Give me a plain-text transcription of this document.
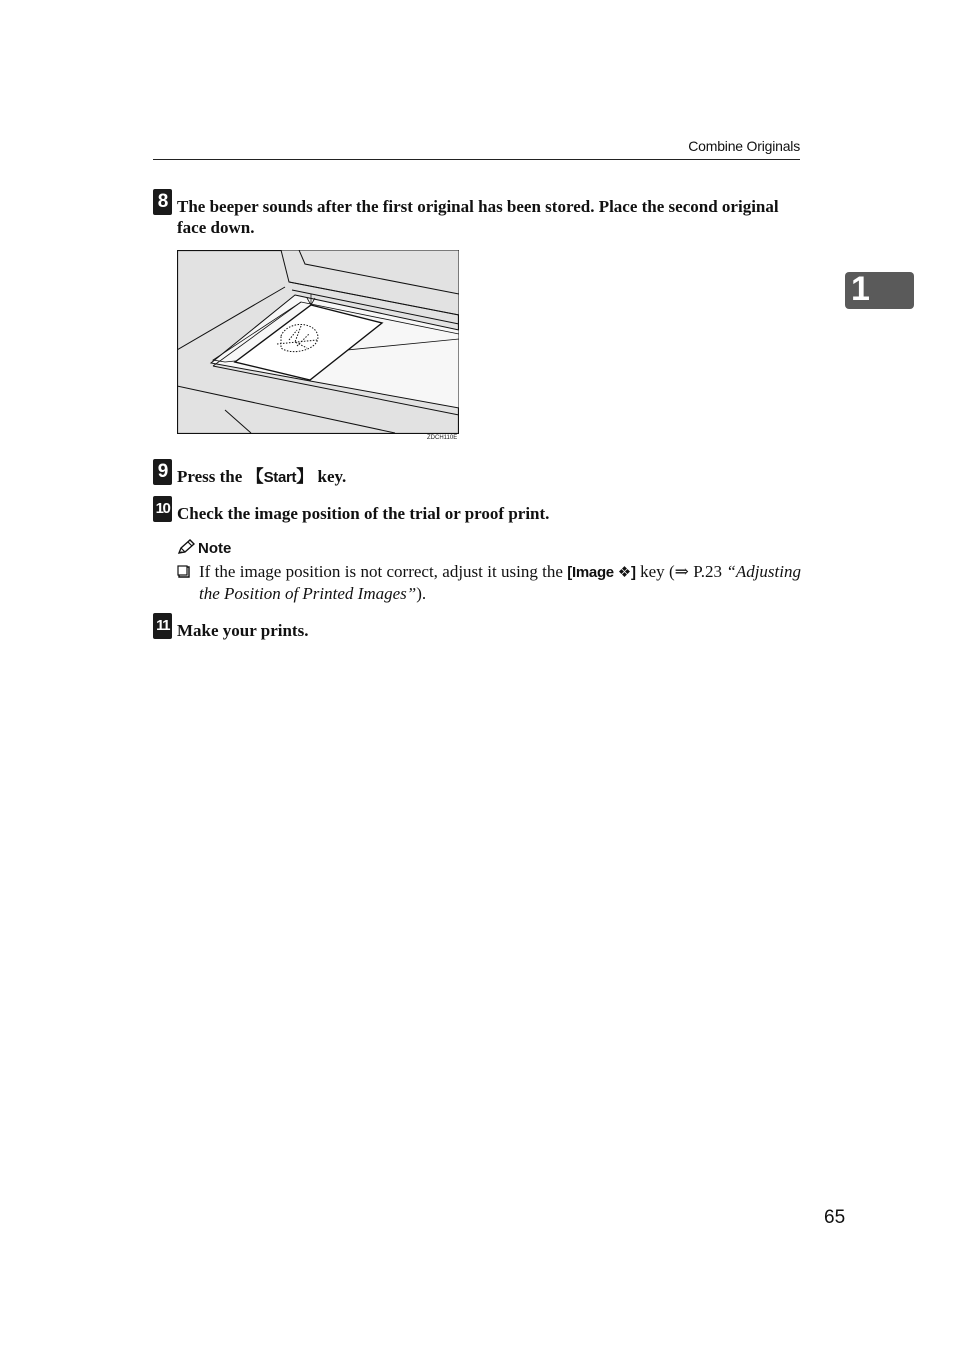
Combine Originals
1
8 The beeper sounds after the first original has been stored. Place the second original face down.
ZDCH110E
9 Press the 【Start】 key.
10 Check the image position of the trial or proof print.
Note
If the image position is not correct, adjust it using the [Image ❖] key (⇒ P.23 “Adjusting the Position of Printed Images”).
11 Make your prints.
65
